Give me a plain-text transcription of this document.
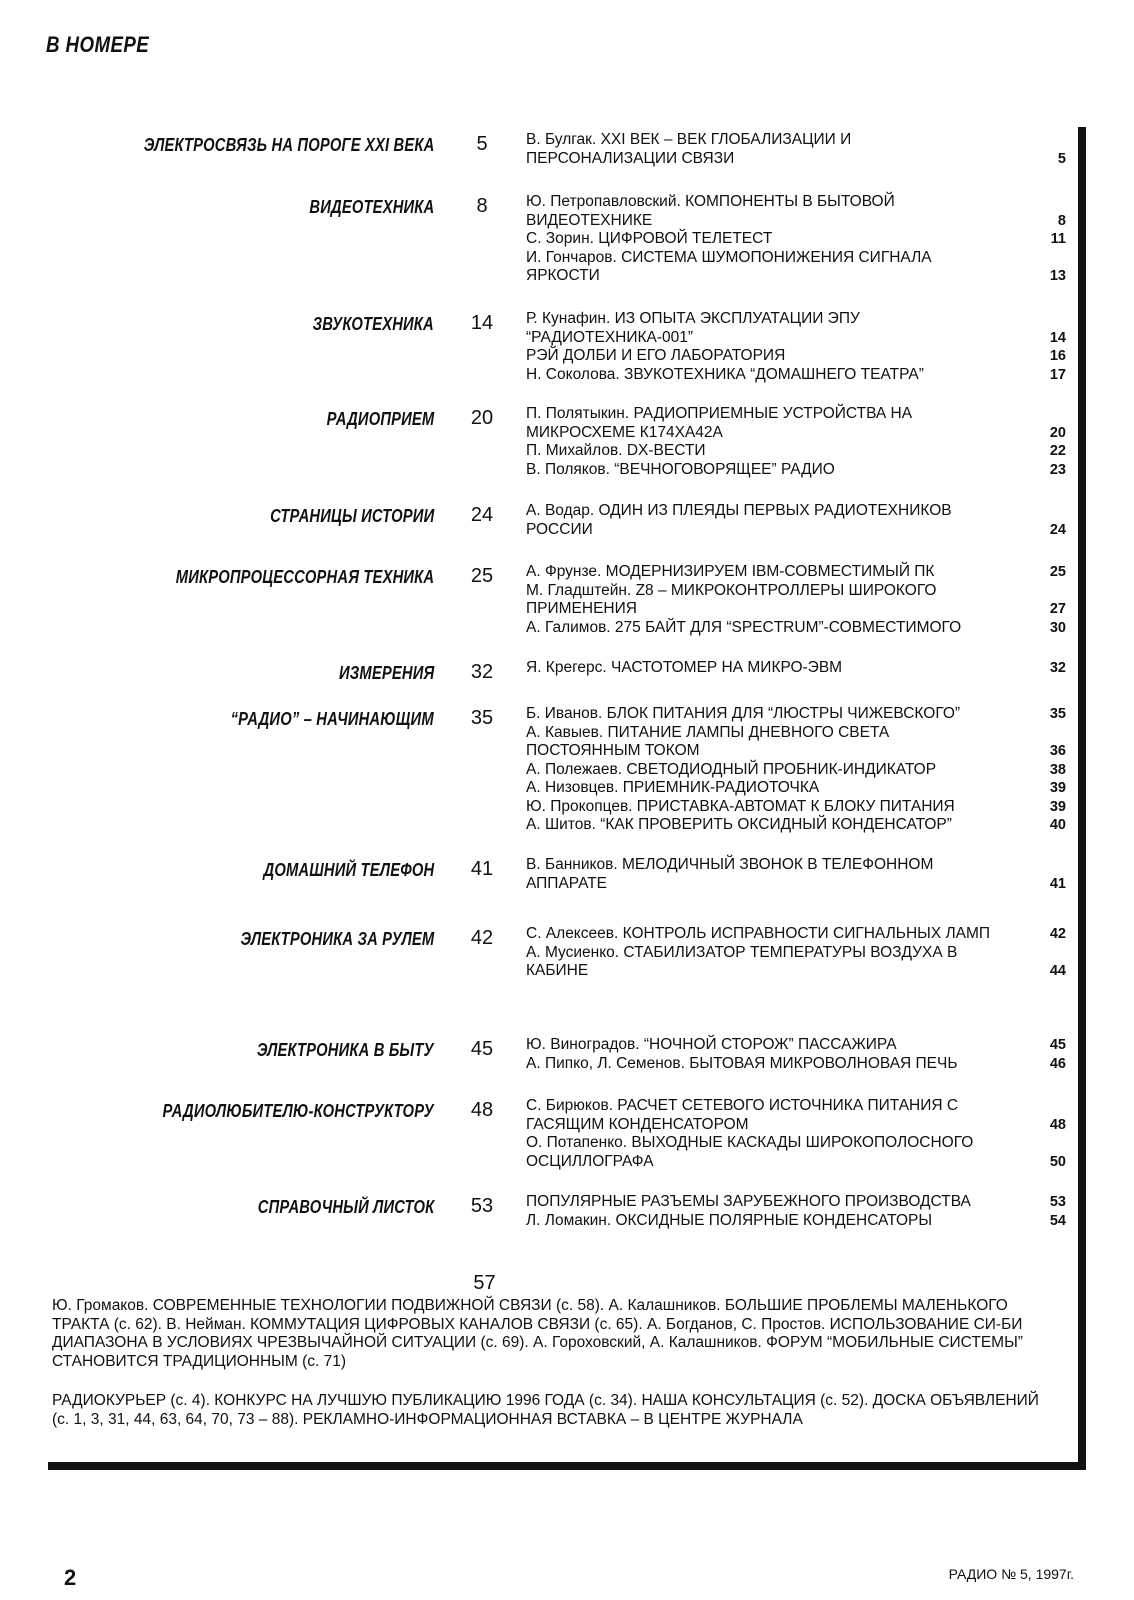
В НОМЕРЕ
ЭЛЕКТРОСВЯЗЬ НА ПОРОГЕ XXI ВЕКА	5	В. Булгак. XXI ВЕК – ВЕК ГЛОБАЛИЗАЦИИ И ПЕРСОНАЛИЗАЦИИ СВЯЗИ	5
ВИДЕОТЕХНИКА	8	Ю. Петропавловский. КОМПОНЕНТЫ В БЫТОВОЙ ВИДЕОТЕХНИКЕ	8
С. Зорин. ЦИФРОВОЙ ТЕЛЕТЕСТ	11
И. Гончаров. СИСТЕМА ШУМОПОНИЖЕНИЯ СИГНАЛА ЯРКОСТИ	13
ЗВУКОТЕХНИКА	14	Р. Кунафин. ИЗ ОПЫТА ЭКСПЛУАТАЦИИ ЭПУ “РАДИОТЕХНИКА-001”	14
РЭЙ ДОЛБИ И ЕГО ЛАБОРАТОРИЯ	16
Н. Соколова. ЗВУКОТЕХНИКА “ДОМАШНЕГО ТЕАТРА”	17
РАДИОПРИЕМ	20	П. Полятыкин. РАДИОПРИЕМНЫЕ УСТРОЙСТВА НА МИКРОСХЕМЕ К174ХА42А	20
П. Михайлов. DX-ВЕСТИ	22
В. Поляков. “ВЕЧНОГОВОРЯЩЕЕ” РАДИО	23
СТРАНИЦЫ ИСТОРИИ	24	А. Водар. ОДИН ИЗ ПЛЕЯДЫ ПЕРВЫХ РАДИОТЕХНИКОВ РОССИИ	24
МИКРОПРОЦЕССОРНАЯ ТЕХНИКА	25	А. Фрунзе. МОДЕРНИЗИРУЕМ IBM-СОВМЕСТИМЫЙ ПК	25
М. Гладштейн. Z8 – МИКРОКОНТРОЛЛЕРЫ ШИРОКОГО ПРИМЕНЕНИЯ	27
А. Галимов. 275 БАЙТ ДЛЯ “SPECTRUM”-СОВМЕСТИМОГО	30
ИЗМЕРЕНИЯ	32	Я. Крегерс. ЧАСТОТОМЕР НА МИКРО-ЭВМ	32
“РАДИО” – НАЧИНАЮЩИМ	35	Б. Иванов. БЛОК ПИТАНИЯ ДЛЯ “ЛЮСТРЫ ЧИЖЕВСКОГО”	35
А. Кавыев. ПИТАНИЕ ЛАМПЫ ДНЕВНОГО СВЕТА ПОСТОЯННЫМ ТОКОМ	36
А. Полежаев. СВЕТОДИОДНЫЙ ПРОБНИК-ИНДИКАТОР	38
А. Низовцев. ПРИЕМНИК-РАДИОТОЧКА	39
Ю. Прокопцев. ПРИСТАВКА-АВТОМАТ К БЛОКУ ПИТАНИЯ	39
А. Шитов. “КАК ПРОВЕРИТЬ ОКСИДНЫЙ КОНДЕНСАТОР”	40
ДОМАШНИЙ ТЕЛЕФОН	41	В. Банников. МЕЛОДИЧНЫЙ ЗВОНОК В ТЕЛЕФОННОМ АППАРАТЕ	41
ЭЛЕКТРОНИКА ЗА РУЛЕМ	42	С. Алексеев. КОНТРОЛЬ ИСПРАВНОСТИ СИГНАЛЬНЫХ ЛАМП	42
А. Мусиенко. СТАБИЛИЗАТОР ТЕМПЕРАТУРЫ ВОЗДУХА В КАБИНЕ	44
ЭЛЕКТРОНИКА В БЫТУ	45	Ю. Виноградов. “НОЧНОЙ СТОРОЖ” ПАССАЖИРА	45
А. Пипко, Л. Семенов. БЫТОВАЯ МИКРОВОЛНОВАЯ ПЕЧЬ	46
РАДИОЛЮБИТЕЛЮ-КОНСТРУКТОРУ	48	С. Бирюков. РАСЧЕТ СЕТЕВОГО ИСТОЧНИКА ПИТАНИЯ С ГАСЯЩИМ КОНДЕНСАТОРОМ	48
О. Потапенко. ВЫХОДНЫЕ КАСКАДЫ ШИРОКОПОЛОСНОГО ОСЦИЛЛОГРАФА	50
СПРАВОЧНЫЙ ЛИСТОК	53	ПОПУЛЯРНЫЕ РАЗЪЕМЫ ЗАРУБЕЖНОГО ПРОИЗВОДСТВА	53
Л. Ломакин. ОКСИДНЫЕ ПОЛЯРНЫЕ КОНДЕНСАТОРЫ	54
57
Ю. Громаков. СОВРЕМЕННЫЕ ТЕХНОЛОГИИ ПОДВИЖНОЙ СВЯЗИ (с. 58). А. Калашников. БОЛЬШИЕ ПРОБЛЕМЫ МАЛЕНЬКОГО ТРАКТА (с. 62). В. Нейман. КОММУТАЦИЯ ЦИФРОВЫХ КАНАЛОВ СВЯЗИ (с. 65). А. Богданов, С. Простов. ИСПОЛЬЗОВАНИЕ СИ-БИ ДИАПАЗОНА В УСЛОВИЯХ ЧРЕЗВЫЧАЙНОЙ СИТУАЦИИ (с. 69). А. Гороховский, А. Калашников. ФОРУМ “МОБИЛЬНЫЕ СИСТЕМЫ” СТАНОВИТСЯ ТРАДИЦИОННЫМ (с. 71)
РАДИОКУРЬЕР (с. 4). КОНКУРС НА ЛУЧШУЮ ПУБЛИКАЦИЮ 1996 ГОДА (с. 34). НАША КОНСУЛЬТАЦИЯ (с. 52). ДОСКА ОБЪЯВЛЕНИЙ (с. 1, 3, 31, 44, 63, 64, 70, 73 – 88). РЕКЛАМНО-ИНФОРМАЦИОННАЯ ВСТАВКА – В ЦЕНТРЕ ЖУРНАЛА
2	РАДИО № 5, 1997г.
